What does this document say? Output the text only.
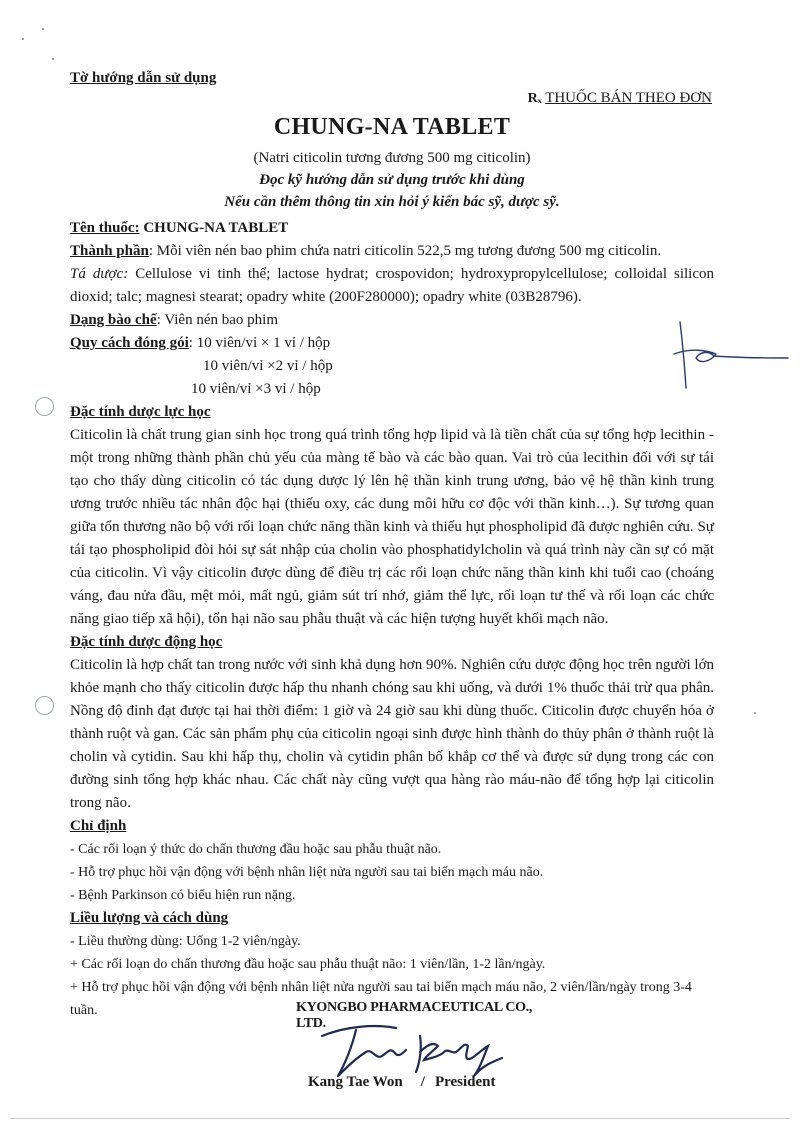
Tờ hướng dẫn sử dụng
Rₓ THUỐC BÁN THEO ĐƠN
CHUNG-NA TABLET
(Natri citicolin tương đương 500 mg citicolin)
Đọc kỹ hướng dẫn sử dụng trước khi dùng
Nếu cần thêm thông tin xin hỏi ý kiến bác sỹ, dược sỹ.

Tên thuốc: CHUNG-NA TABLET

Thành phần: Mỗi viên nén bao phim chứa natri citicolin 522,5 mg tương đương 500 mg citicolin.

Tá dược: Cellulose vi tinh thể; lactose hydrat; crospovidon; hydroxypropylcellulose; colloidal silicon dioxid; talc; magnesi stearat; opadry white (200F280000); opadry white (03B28796).

Dạng bào chế: Viên nén bao phim

Quy cách đóng gói: 10 viên/vỉ × 1 vỉ / hộp

10 viên/vỉ ×2 vỉ / hộp

10 viên/vỉ ×3 vỉ / hộp

Đặc tính dược lực học

Citicolin là chất trung gian sinh học trong quá trình tổng hợp lipid và là tiền chất của sự tổng hợp lecithin - một trong những thành phần chủ yếu của màng tế bào và các bào quan. Vai trò của lecithin đối với sự tái tạo cho thấy dùng citicolin có tác dụng dược lý lên hệ thần kinh trung ương, bảo vệ hệ thần kinh trung ương trước nhiều tác nhân độc hại (thiếu oxy, các dung môi hữu cơ độc với thần kinh…). Sự tương quan giữa tổn thương não bộ với rối loạn chức năng thần kinh và thiếu hụt phospholipid đã được nghiên cứu. Sự tái tạo phospholipid đòi hỏi sự sát nhập của cholin vào phosphatidylcholin và quá trình này cần sự có mặt của citicolin. Vì vậy citicolin được dùng để điều trị các rối loạn chức năng thần kinh khi tuổi cao (choáng váng, đau nửa đầu, mệt mỏi, mất ngủ, giảm sút trí nhớ, giảm thể lực, rối loạn tư thế và rối loạn các chức năng giao tiếp xã hội), tổn hại não sau phẫu thuật và các hiện tượng huyết khối mạch não.

Đặc tính dược động học

Citicolin là hợp chất tan trong nước với sinh khả dụng hơn 90%. Nghiên cứu dược động học trên người lớn khỏe mạnh cho thấy citicolin được hấp thu nhanh chóng sau khi uống, và dưới 1% thuốc thải trừ qua phân. Nồng độ đỉnh đạt được tại hai thời điểm: 1 giờ và 24 giờ sau khi dùng thuốc. Citicolin được chuyển hóa ở thành ruột và gan. Các sản phẩm phụ của citicolin ngoại sinh được hình thành do thủy phân ở thành ruột là cholin và cytidin. Sau khi hấp thụ, cholin và cytidin phân bố khắp cơ thể và được sử dụng trong các con đường sinh tổng hợp khác nhau. Các chất này cũng vượt qua hàng rào máu-não để tổng hợp lại citicolin trong não.

Chỉ định

- Các rối loạn ý thức do chấn thương đầu hoặc sau phẫu thuật não.

- Hỗ trợ phục hồi vận động với bệnh nhân liệt nửa người sau tai biến mạch máu não.

- Bệnh Parkinson có biểu hiện run nặng.

Liều lượng và cách dùng

- Liều thường dùng: Uống 1-2 viên/ngày.

+ Các rối loạn do chấn thương đầu hoặc sau phẫu thuật não: 1 viên/lần, 1-2 lần/ngày.

+ Hỗ trợ phục hồi vận động với bệnh nhân liệt nửa người sau tai biến mạch máu não, 2 viên/lần/ngày trong 3-4 tuần.	KYONGBO PHARMACEUTICAL CO., LTD.
Kang Tae Won / President
